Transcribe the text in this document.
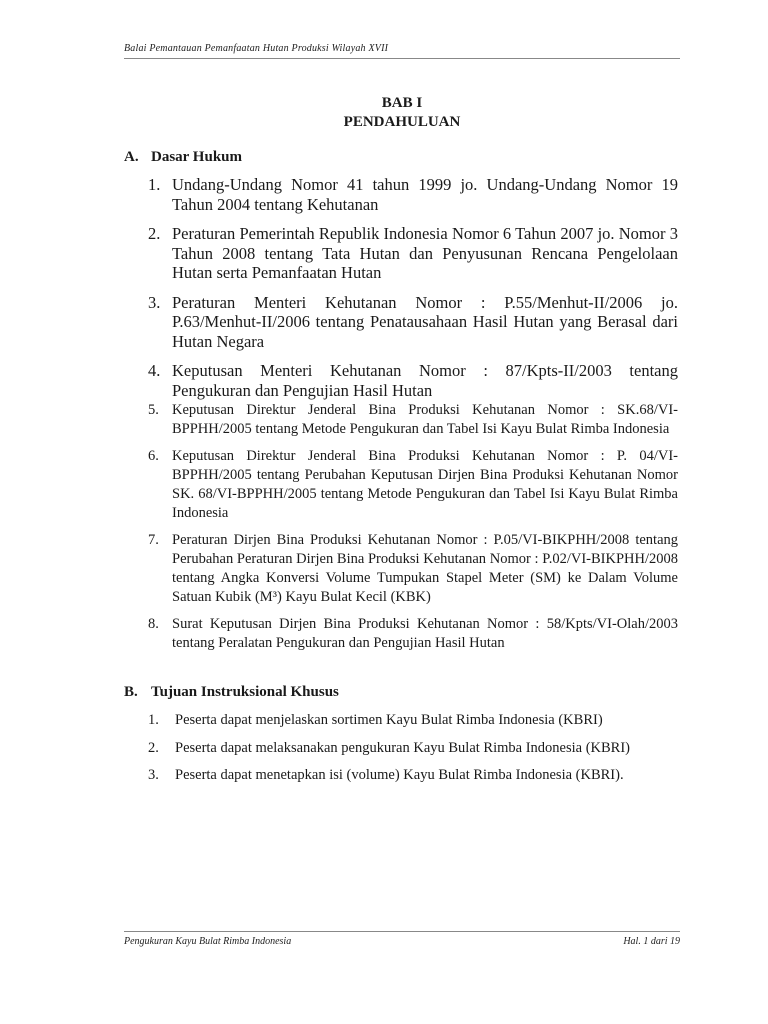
Balai Pemantauan Pemanfaatan Hutan Produksi Wilayah XVII
BAB I
PENDAHULUAN
A. Dasar Hukum
1. Undang-Undang Nomor 41 tahun 1999 jo. Undang-Undang Nomor 19 Tahun 2004 tentang Kehutanan
2. Peraturan Pemerintah Republik Indonesia Nomor 6 Tahun 2007 jo. Nomor 3 Tahun 2008 tentang Tata Hutan dan Penyusunan Rencana Pengelolaan Hutan serta Pemanfaatan Hutan
3. Peraturan Menteri Kehutanan Nomor : P.55/Menhut-II/2006 jo. P.63/Menhut-II/2006 tentang Penatausahaan Hasil Hutan yang Berasal dari Hutan Negara
4. Keputusan Menteri Kehutanan Nomor : 87/Kpts-II/2003 tentang Pengukuran dan Pengujian Hasil Hutan
5. Keputusan Direktur Jenderal Bina Produksi Kehutanan Nomor : SK.68/VI-BPPHH/2005 tentang Metode Pengukuran dan Tabel Isi Kayu Bulat Rimba Indonesia
6. Keputusan Direktur Jenderal Bina Produksi Kehutanan Nomor : P. 04/VI-BPPHH/2005 tentang Perubahan Keputusan Dirjen Bina Produksi Kehutanan Nomor SK. 68/VI-BPPHH/2005 tentang Metode Pengukuran dan Tabel Isi Kayu Bulat Rimba Indonesia
7. Peraturan Dirjen Bina Produksi Kehutanan Nomor : P.05/VI-BIKPHH/2008 tentang Perubahan Peraturan Dirjen Bina Produksi Kehutanan Nomor : P.02/VI-BIKPHH/2008 tentang Angka Konversi Volume Tumpukan Stapel Meter (SM) ke Dalam Volume Satuan Kubik (M³) Kayu Bulat Kecil (KBK)
8. Surat Keputusan Dirjen Bina Produksi Kehutanan Nomor : 58/Kpts/VI-Olah/2003 tentang Peralatan Pengukuran dan Pengujian Hasil Hutan
B. Tujuan Instruksional Khusus
1. Peserta dapat menjelaskan sortimen Kayu Bulat Rimba Indonesia (KBRI)
2. Peserta dapat melaksanakan pengukuran Kayu Bulat Rimba Indonesia (KBRI)
3. Peserta dapat menetapkan isi (volume) Kayu Bulat Rimba Indonesia (KBRI).
Pengukuran Kayu Bulat Rimba Indonesia	Hal. 1 dari 19
